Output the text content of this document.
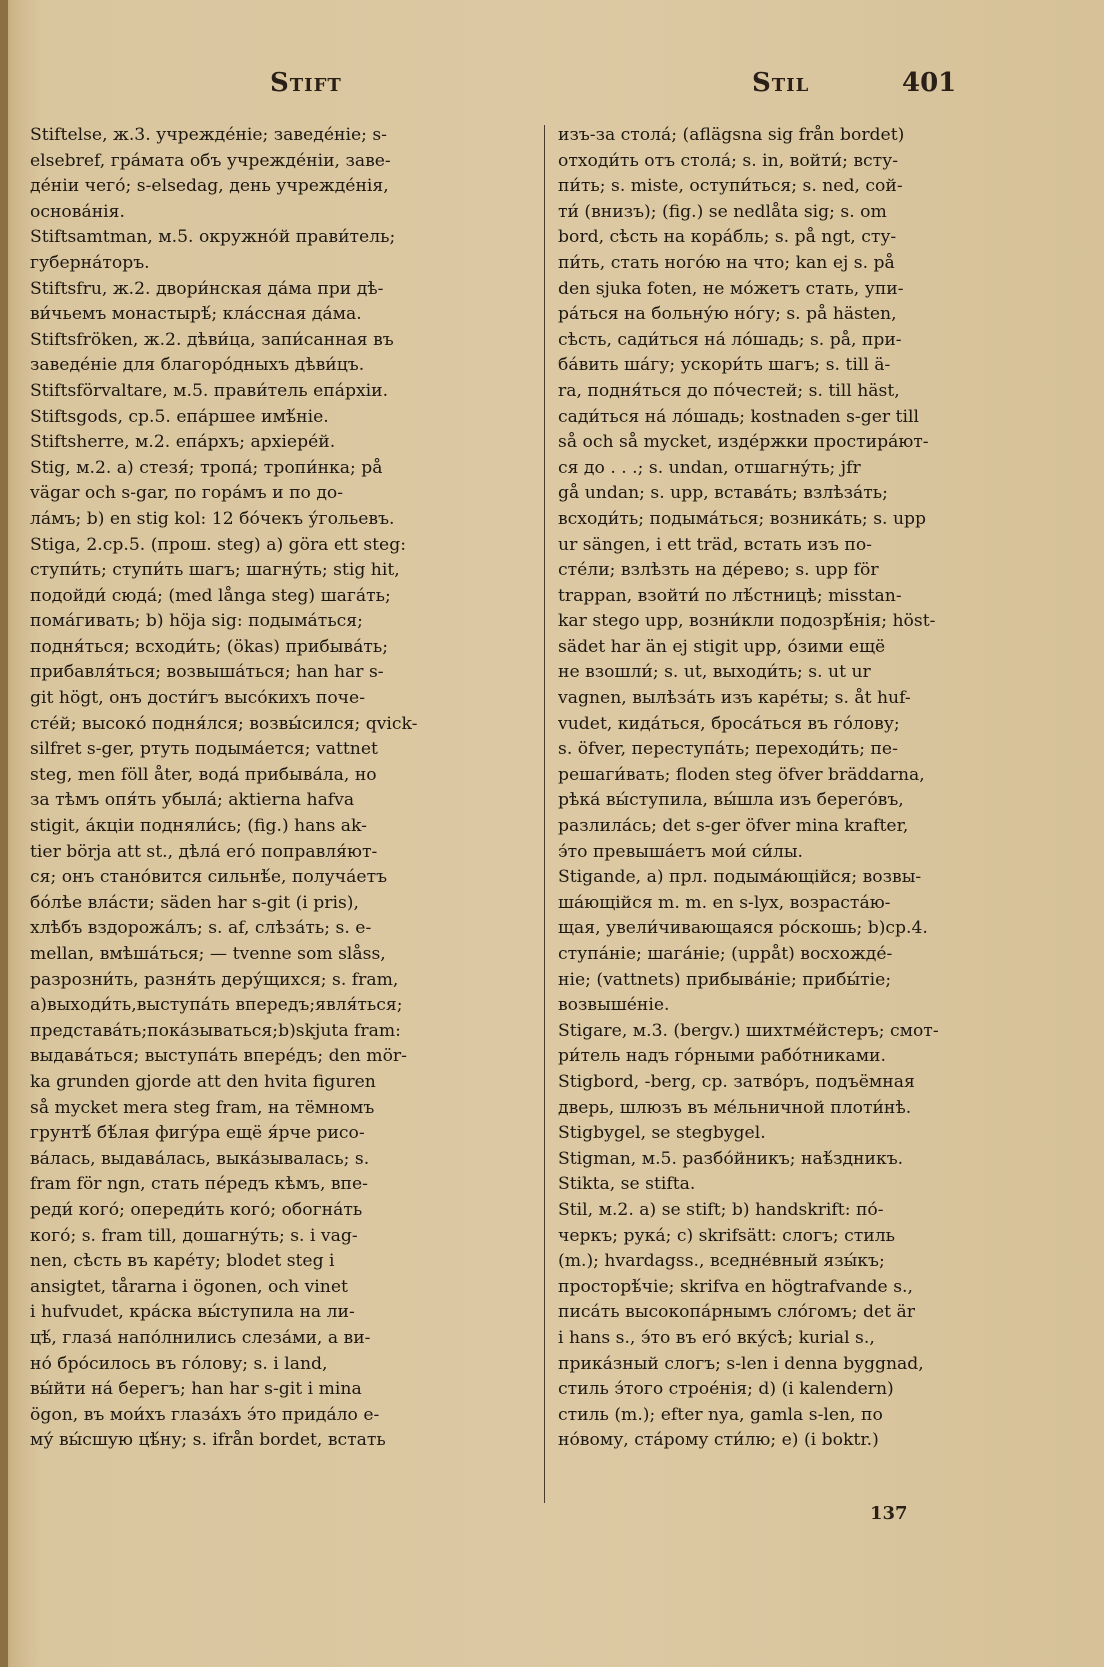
Stift	Stil	401

Stiftelse, ж.3. учрежде́ніе; заведе́ніе; s-

elsebref, гра́мата объ учрежде́ніи, заве-

де́ніи чего́; s-elsedag, день учрежде́нія,

основа́нія.

Stiftsamtman, м.5. окружно́й прави́тель;

губерна́торъ.

Stiftsfru, ж.2. двори́нская да́ма при дѣ-

ви́чьемъ монастырѣ́; кла́ссная да́ма.

Stiftsfröken, ж.2. дѣви́ца, запи́санная въ

заведе́ніе для благоро́дныхъ дѣви́цъ.

Stiftsförvaltare, м.5. прави́тель епа́рхіи.

Stiftsgods, ср.5. епа́ршее имѣ́ніе.

Stiftsherre, м.2. епа́рхъ; архіере́й.

Stig, м.2. а) стезя́; тропа́; тропи́нка; på

vägar och s-gar, по гора́мъ и по до-

ла́мъ; b) en stig kol: 12 бо́чекъ у́гольевъ.

Stiga, 2.ср.5. (прош. steg) a) göra ett steg:

ступи́ть; ступи́ть шагъ; шагну́ть; stig hit,

подойди́ сюда́; (med långa steg) шага́ть;

пома́гивать; b) höja sig: подыма́ться;

подня́ться; всходи́ть; (ökas) прибыва́ть;

прибавля́ться; возвыша́ться; han har s-

git högt, онъ дости́гъ высо́кихъ поче-

сте́й; высоко́ подня́лся; возвы́сился; qvick-

silfret s-ger, ртуть подыма́ется; vattnet

steg, men föll åter, вода́ прибыва́ла, но

за тѣмъ опя́ть убыла́; aktierna hafva

stigit, а́кціи подняли́сь; (fig.) hans ak-

tier börja att st., дѣла́ его́ поправля́ют-

ся; онъ стано́вится сильнѣ́е, получа́етъ

бо́лѣе вла́сти; säden har s-git (i pris),

хлѣбъ вздорожа́лъ; s. af, слѣза́ть; s. e-

mellan, вмѣша́ться; — tvenne som slåss,

разрозни́ть, разня́ть деру́щихся; s. fram,

а)выходи́ть,выступа́ть впередъ;явля́ться;

представа́ть;пока́зываться;b)skjuta fram:

выдава́ться; выступа́ть впере́дъ; den mör-

ka grunden gjorde att den hvita figuren

så mycket mera steg fram, на тёмномъ

грунтѣ́ бѣ́лая фигу́ра ещё я́рче рисо-

ва́лась, выдава́лась, выка́зывалась; s.

fram för ngn, стать пе́редъ кѣмъ, впе-

реди́ кого́; опереди́ть кого́; обогна́ть

кого́; s. fram till, дошагну́ть; s. i vag-

nen, сѣсть въ каре́ту; blodet steg i

ansigtet, tårarna i ögonen, och vinet

i hufvudet, кра́ска вы́ступила на ли-

цѣ́, глаза́ напо́лнились слеза́ми, а ви-

но́ бро́силось въ го́лову; s. i land,

вы́йти на́ берегъ; han har s-git i mina

ögon, въ мои́хъ глаза́хъ э́то прида́ло е-

му́ вы́сшую цѣ́ну; s. ifrån bordet, встать

изъ-за стола́; (aflägsna sig från bordet)

отходи́ть отъ стола́; s. in, войти́; всту-

пи́ть; s. miste, оступи́ться; s. ned, сой-

ти́ (внизъ); (fig.) se nedlåta sig; s. om

bord, сѣсть на кора́бль; s. på ngt, сту-

пи́ть, стать ного́ю на что; kan ej s. på

den sjuka foten, не мо́жетъ стать, упи-

ра́ться на больну́ю но́гу; s. på hästen,

сѣсть, сади́ться на́ ло́шадь; s. på, при-

ба́вить ша́гу; ускори́ть шагъ; s. till ä-

ra, подня́ться до по́честей; s. till häst,

сади́ться на́ ло́шадь; kostnaden s-ger till

så och så mycket, изде́ржки простира́ют-

ся до . . .; s. undan, отшагну́ть; jfr

gå undan; s. upp, встава́ть; взлѣза́ть;

всходи́ть; подыма́ться; возника́ть; s. upp

ur sängen, i ett träd, встать изъ по-

сте́ли; взлѣзть на де́рево; s. upp för

trappan, взойти́ по лѣ́стницѣ; misstan-

kar stego upp, возни́кли подозрѣ́нія; höst-

sädet har än ej stigit upp, о́зими ещё

не взошли́; s. ut, выходи́ть; s. ut ur

vagnen, вылѣза́ть изъ каре́ты; s. åt huf-

vudet, кида́ться, броса́ться въ го́лову;

s. öfver, переступа́ть; переходи́ть; пе-

решаги́вать; floden steg öfver bräddarna,

рѣка́ вы́ступила, вы́шла изъ берего́въ,

разлила́сь; det s-ger öfver mina krafter,

э́то превыша́етъ мои́ си́лы.

Stigande, а) прл. подыма́ющійся; возвы-

ша́ющійся m. m. en s-lyx, возраста́ю-

щая, увели́чивающаяся ро́скошь; b)ср.4.

ступа́ніе; шага́ніе; (uppåt) восхожде́-

ніе; (vattnets) прибыва́ніе; прибы́тіе;

возвыше́ніе.

Stigare, м.3. (bergv.) шихтме́йстеръ; смот-

ри́тель надъ го́рными рабо́тниками.

Stigbord, -berg, ср. затво́ръ, подъёмная

дверь, шлюзъ въ ме́льничной плоти́нѣ.

Stigbygel, se stegbygel.

Stigman, м.5. разбо́йникъ; наѣ́здникъ.

Stikta, se stifta.

Stil, м.2. а) se stift; b) handskrift: по́-

черкъ; рука́; c) skrifsätt: слогъ; стиль

(m.); hvardagss., вседне́вный язы́къ;

просторѣ́чіе; skrifva en högtrafvande s.,

писа́ть высокопа́рнымъ сло́гомъ; det är

i hans s., э́то въ его́ вку́сѣ; kurial s.,

прика́зный слогъ; s-len i denna byggnad,

стиль э́того строе́нія; d) (i kalendern)

стиль (m.); efter nya, gamla s-len, по

но́вому, ста́рому сти́лю; e) (i boktr.)

137
